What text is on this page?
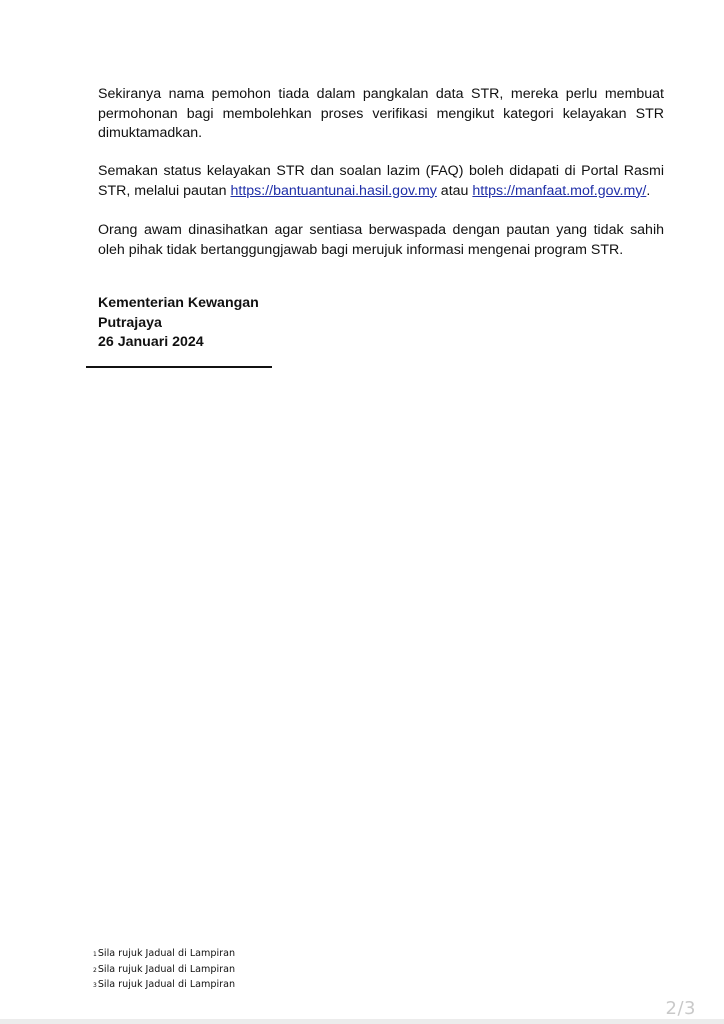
Sekiranya nama pemohon tiada dalam pangkalan data STR, mereka perlu membuat permohonan bagi membolehkan proses verifikasi mengikut kategori kelayakan STR dimuktamadkan.

Semakan status kelayakan STR dan soalan lazim (FAQ) boleh didapati di Portal Rasmi STR, melalui pautan https://bantuantunai.hasil.gov.my atau https://manfaat.mof.gov.my/.

Orang awam dinasihatkan agar sentiasa berwaspada dengan pautan yang tidak sahih oleh pihak tidak bertanggungjawab bagi merujuk informasi mengenai program STR.

Kementerian Kewangan
Putrajaya
26 Januari 2024
1Sila rujuk Jadual di Lampiran
2Sila rujuk Jadual di Lampiran
3Sila rujuk Jadual di Lampiran
2/3
